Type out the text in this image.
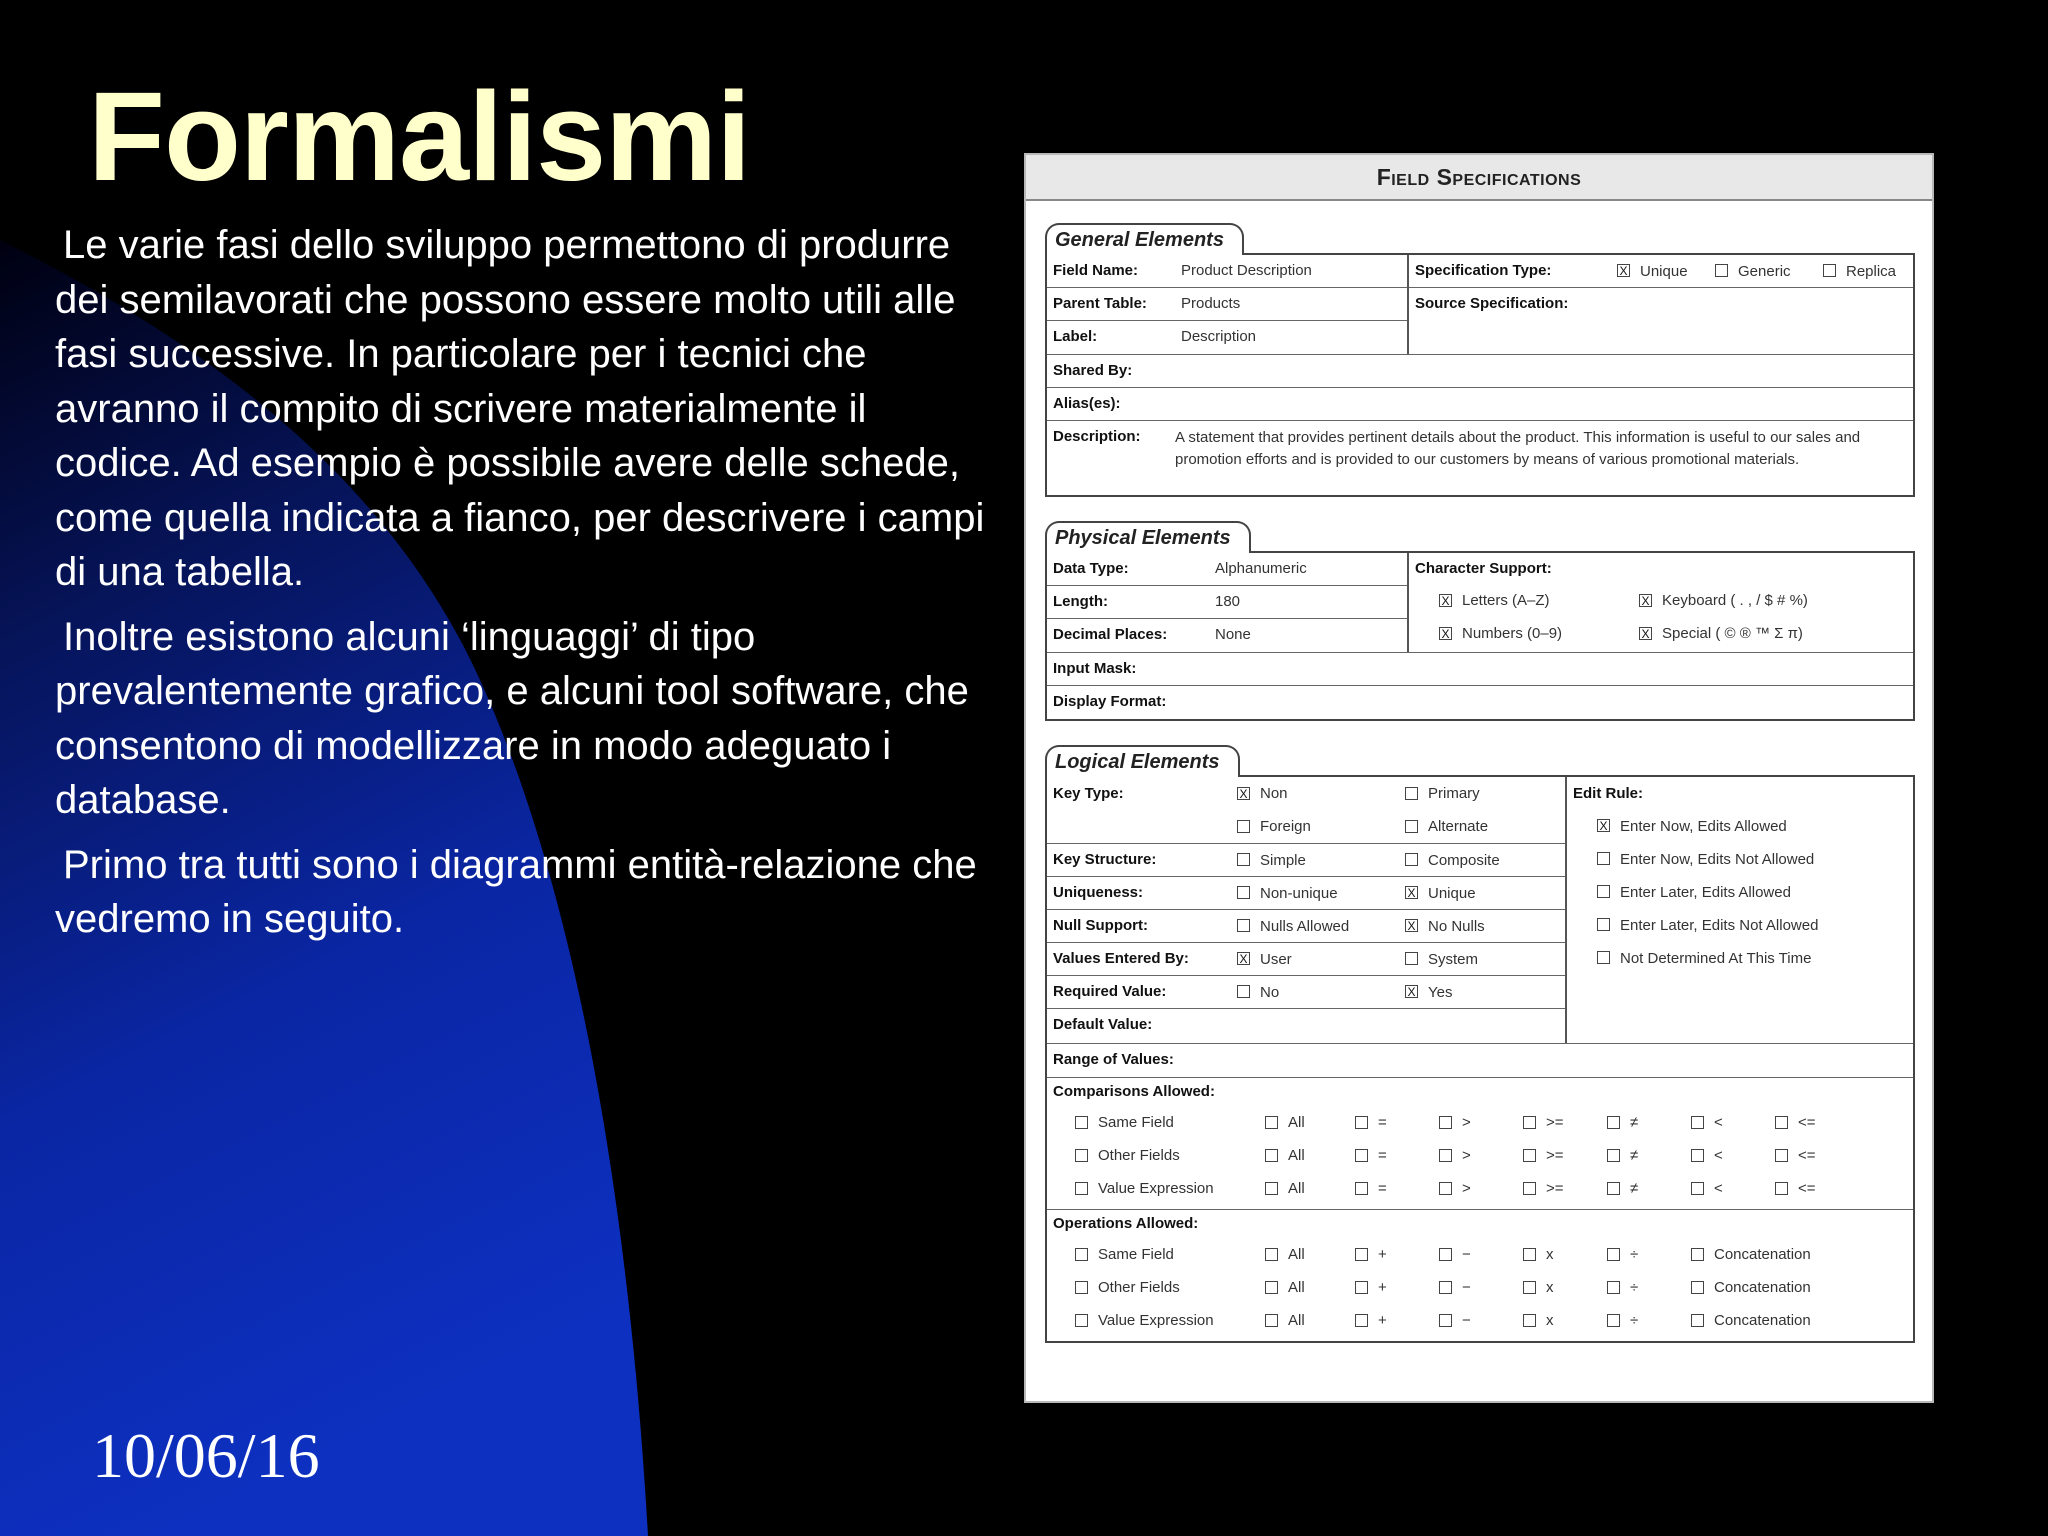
Formalismi

Le varie fasi dello sviluppo permettono di produrre dei semilavorati che possono essere molto utili alle fasi successive. In particolare per i tecnici che avranno il compito di scrivere materialmente il codice. Ad esempio è possibile avere delle schede, come quella indicata a fianco, per descrivere i campi di una tabella.

Inoltre esistono alcuni ‘linguaggi’ di tipo prevalentemente grafico, e alcuni tool software, che consentono di modellizzare in modo adeguato i database.

Primo tra tutti sono i diagrammi entità-relazione che vedremo in seguito.

10/06/16
Field Specifications
General Elements
Field Name:	Product Description
Parent Table:	Products
Label:	Description
Specification Type:	X Unique	Generic	Replica
Source Specification:
Shared By:
Alias(es):
Description:	A statement that provides pertinent details about the product. This information is useful to our sales and promotion efforts and is provided to our customers by means of various promotional materials.
Physical Elements
Data Type:	Alphanumeric
Length:	180
Decimal Places:	None
Character Support:
X Letters (A–Z)	X Keyboard ( . , / $ # %)
X Numbers (0–9)	X Special ( © ® ™ Σ π)
Input Mask:
Display Format:
Logical Elements
Key Type:	X Non	Primary
Foreign	Alternate
Key Structure:	Simple	Composite
Uniqueness:	Non-unique	X Unique
Null Support:	Nulls Allowed	X No Nulls
Values Entered By:	X User	System
Required Value:	No	X Yes
Default Value:
Edit Rule:
X Enter Now, Edits Allowed
Enter Now, Edits Not Allowed
Enter Later, Edits Allowed
Enter Later, Edits Not Allowed
Not Determined At This Time
Range of Values:
Comparisons Allowed:
Same Field	All	=	>	>=	≠	<	<=
Other Fields	All	=	>	>=	≠	<	<=
Value Expression	All	=	>	>=	≠	<	<=
Operations Allowed:
Same Field	All	+	−	x	÷	Concatenation
Other Fields	All	+	−	x	÷	Concatenation
Value Expression	All	+	−	x	÷	Concatenation
